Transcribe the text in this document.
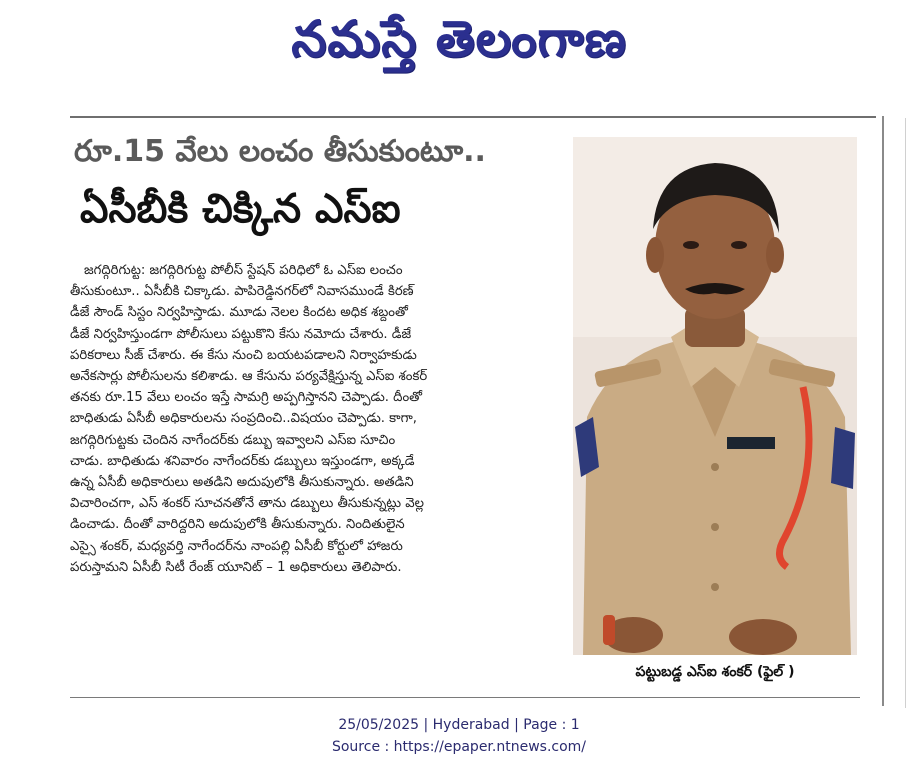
నమస్తే తెలంగాణ
రూ.15 వేలు లంచం తీసుకుంటూ..
ఏసీబీకి చిక్కిన ఎస్ఐ
జగద్గిరిగుట్ట: జగద్గిరిగుట్ట పోలీస్ స్టేషన్ పరిధిలో ఓ ఎస్ఐ లంచం
తీసుకుంటూ.. ఏసీబీకి చిక్కాడు. పాపిరెడ్డినగర్‌లో నివాసముండే కిరణ్
డీజే సౌండ్ సిస్టం నిర్వహిస్తాడు. మూడు నెలల కిందట అధిక శబ్దంతో
డీజే నిర్వహిస్తుండగా పోలీసులు పట్టుకొని కేసు నమోదు చేశారు. డీజే
పరికరాలు సీజ్ చేశారు. ఈ కేసు నుంచి బయటపడాలని నిర్వాహకుడు
అనేకసార్లు పోలీసులను కలిశాడు. ఆ కేసును పర్యవేక్షిస్తున్న ఎస్ఐ శంకర్
తనకు రూ.15 వేలు లంచం ఇస్తే సామగ్రి అప్పగిస్తానని చెప్పాడు. దీంతో
బాధితుడు ఏసీబీ అధికారులను సంప్రదించి..విషయం చెప్పాడు. కాగా,
జగద్గిరిగుట్టకు చెందిన నాగేందర్‌కు డబ్బు ఇవ్వాలని ఎస్ఐ సూచిం
చాడు. బాధితుడు శనివారం నాగేందర్‌కు డబ్బులు ఇస్తుండగా, అక్కడే
ఉన్న ఏసీబీ అధికారులు అతడిని అదుపులోకి తీసుకున్నారు. అతడిని
విచారించగా, ఎస్ శంకర్ సూచనతోనే తాను డబ్బులు తీసుకున్నట్లు వెల్ల
డించాడు. దీంతో వారిద్దరిని అదుపులోకి తీసుకున్నారు. నిందితులైన
ఎస్సై శంకర్, మధ్యవర్తి నాగేందర్‌ను నాంపల్లి ఏసీబీ కోర్టులో హాజరు
పరుస్తామని ఏసీబీ సిటీ రేంజ్ యూనిట్ – 1 అధికారులు తెలిపారు.
పట్టుబడ్డ ఎస్ఐ శంకర్ (ఫైల్ )
25/05/2025 | Hyderabad | Page : 1
Source : https://epaper.ntnews.com/
